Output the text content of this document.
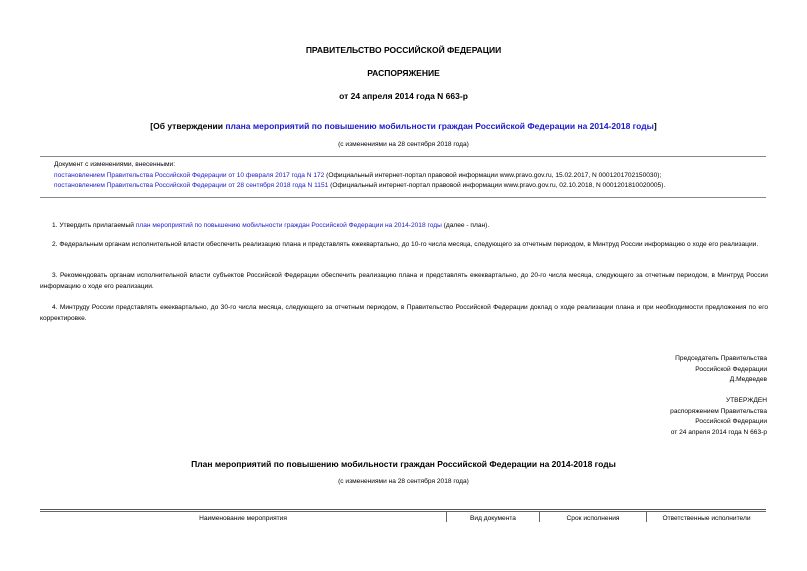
ПРАВИТЕЛЬСТВО РОССИЙСКОЙ ФЕДЕРАЦИИ
РАСПОРЯЖЕНИЕ
от 24 апреля 2014 года N 663-р
[Об утверждении плана мероприятий по повышению мобильности граждан Российской Федерации на 2014-2018 годы]
(с изменениями на 28 сентября 2018 года)
Документ с изменениями, внесенными:
постановлением Правительства Российской Федерации от 10 февраля 2017 года N 172 (Официальный интернет-портал правовой информации www.pravo.gov.ru, 15.02.2017, N 0001201702150030);
постановлением Правительства Российской Федерации от 28 сентября 2018 года N 1151 (Официальный интернет-портал правовой информации www.pravo.gov.ru, 02.10.2018, N 0001201810020005).
1. Утвердить прилагаемый план мероприятий по повышению мобильности граждан Российской Федерации на 2014-2018 годы (далее - план).
2. Федеральным органам исполнительной власти обеспечить реализацию плана и представлять ежеквартально, до 10-го числа месяца, следующего за отчетным периодом, в Минтруд России информацию о ходе его реализации.
3. Рекомендовать органам исполнительной власти субъектов Российской Федерации обеспечить реализацию плана и представлять ежеквартально, до 20-го числа месяца, следующего за отчетным периодом, в Минтруд России информацию о ходе его реализации.
4. Минтруду России представлять ежеквартально, до 30-го числа месяца, следующего за отчетным периодом, в Правительство Российской Федерации доклад о ходе реализации плана и при необходимости предложения по его корректировке.
Председатель Правительства
Российской Федерации
Д.Медведев
УТВЕРЖДЕН
распоряжением Правительства
Российской Федерации
от 24 апреля 2014 года N 663-р
План мероприятий по повышению мобильности граждан Российской Федерации на 2014-2018 годы
(с изменениями на 28 сентября 2018 года)
Наименование мероприятия	Вид документа	Срок исполнения	Ответственные исполнители
